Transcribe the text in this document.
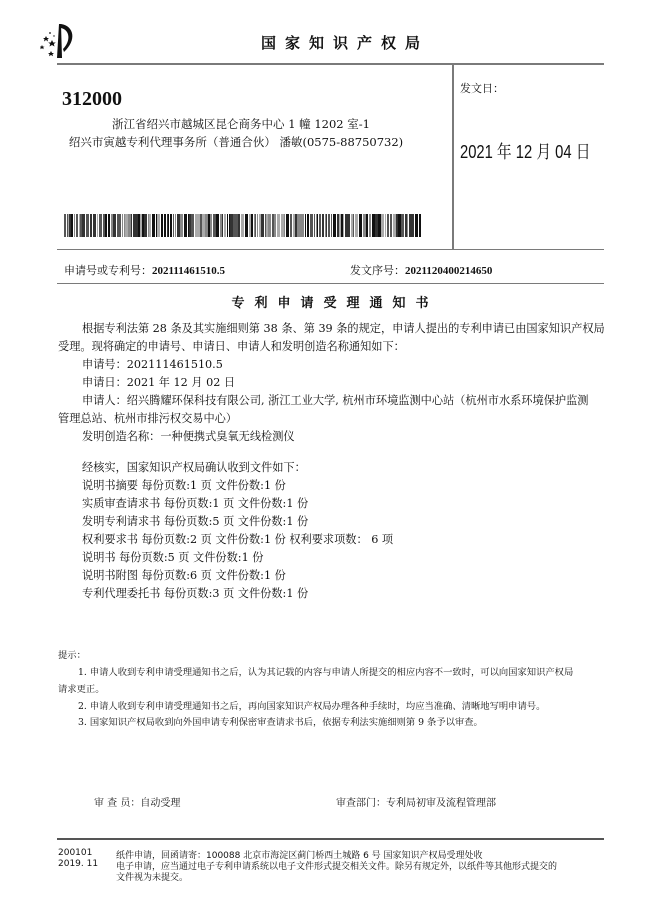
国家知识产权局
312000
浙江省绍兴市越城区昆仑商务中心 1 幢 1202 室-1
绍兴市寅越专利代理事务所（普通合伙） 潘敏(0575-88750732)
发文日：
2021 年 12 月 04 日
申请号或专利号：202111461510.5	发文序号：2021120400214650
专利申请受理通知书
根据专利法第 28 条及其实施细则第 38 条、第 39 条的规定，申请人提出的专利申请已由国家知识产权局
受理。现将确定的申请号、申请日、申请人和发明创造名称通知如下：
申请号：202111461510.5
申请日：2021 年 12 月 02 日
申请人：绍兴腾耀环保科技有限公司, 浙江工业大学, 杭州市环境监测中心站（杭州市水系环境保护监测
管理总站、杭州市排污权交易中心）
发明创造名称：一种便携式臭氧无线检测仪
经核实，国家知识产权局确认收到文件如下：
说明书摘要 每份页数:1 页 文件份数:1 份
实质审查请求书 每份页数:1 页 文件份数:1 份
发明专利请求书 每份页数:5 页 文件份数:1 份
权利要求书 每份页数:2 页 文件份数:1 份 权利要求项数： 6 项
说明书 每份页数:5 页 文件份数:1 份
说明书附图 每份页数:6 页 文件份数:1 份
专利代理委托书 每份页数:3 页 文件份数:1 份
提示：
1. 申请人收到专利申请受理通知书之后，认为其记载的内容与申请人所提交的相应内容不一致时，可以向国家知识产权局
请求更正。
2. 申请人收到专利申请受理通知书之后，再向国家知识产权局办理各种手续时，均应当准确、清晰地写明申请号。
3. 国家知识产权局收到向外国申请专利保密审查请求书后，依据专利法实施细则第 9 条予以审查。
审 查 员：自动受理	审查部门：专利局初审及流程管理部
200101
2019. 11
纸件申请，回函请寄：100088 北京市海淀区蓟门桥西土城路 6 号 国家知识产权局受理处收
电子申请，应当通过电子专利申请系统以电子文件形式提交相关文件。除另有规定外，以纸件等其他形式提交的
文件视为未提交。
